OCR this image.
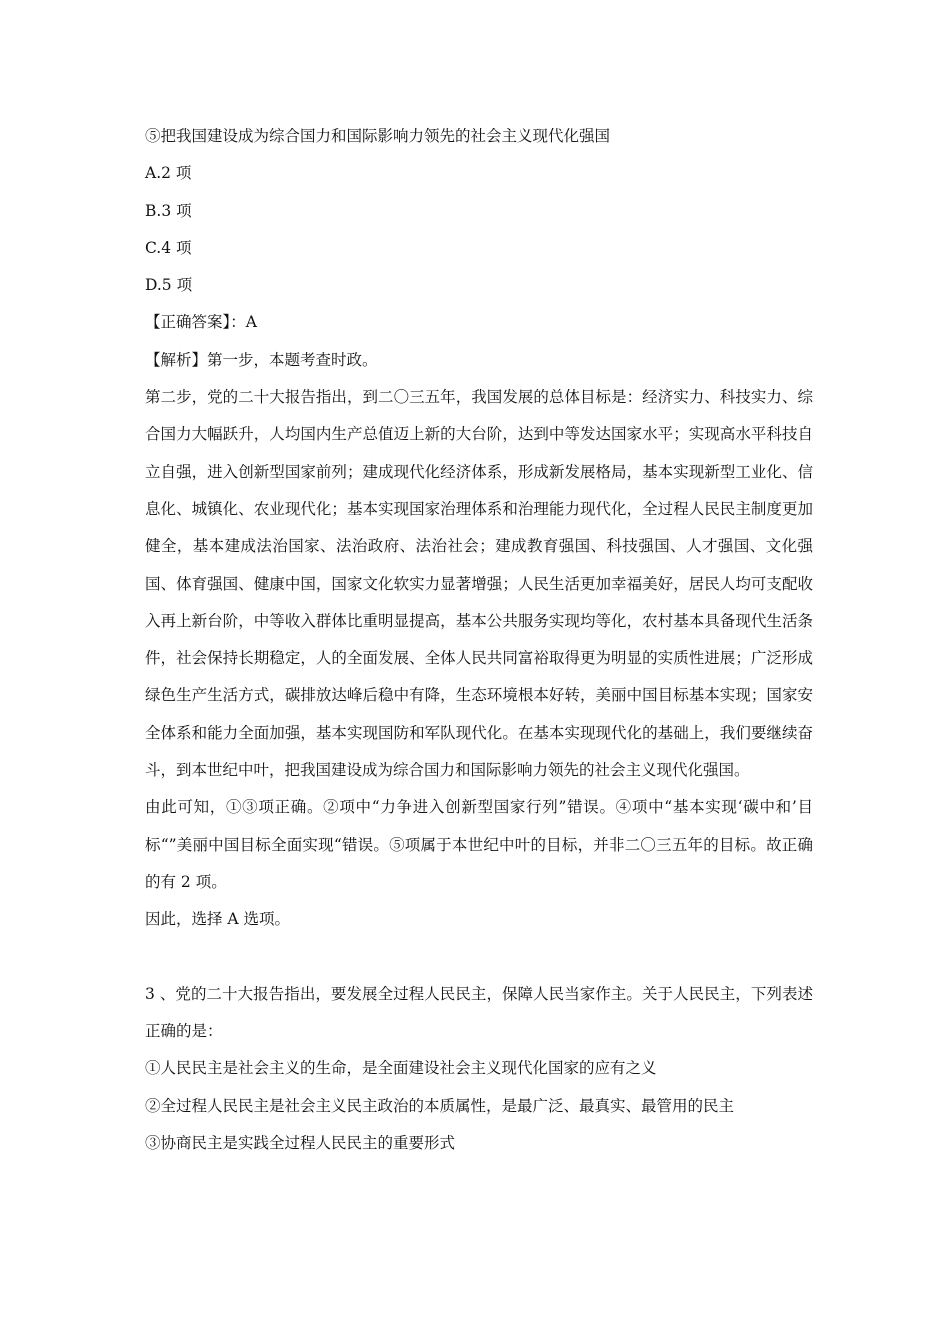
⑤把我国建设成为综合国力和国际影响力领先的社会主义现代化强国

A.2 项

B.3 项

C.4 项

D.5 项

【正确答案】：A

【解析】第一步，本题考查时政。

第二步，党的二十大报告指出，到二〇三五年，我国发展的总体目标是：经济实力、科技实力、综合国力大幅跃升，人均国内生产总值迈上新的大台阶，达到中等发达国家水平；实现高水平科技自立自强，进入创新型国家前列；建成现代化经济体系，形成新发展格局，基本实现新型工业化、信息化、城镇化、农业现代化；基本实现国家治理体系和治理能力现代化，全过程人民民主制度更加健全，基本建成法治国家、法治政府、法治社会；建成教育强国、科技强国、人才强国、文化强国、体育强国、健康中国，国家文化软实力显著增强；人民生活更加幸福美好，居民人均可支配收入再上新台阶，中等收入群体比重明显提高，基本公共服务实现均等化，农村基本具备现代生活条件，社会保持长期稳定，人的全面发展、全体人民共同富裕取得更为明显的实质性进展；广泛形成绿色生产生活方式，碳排放达峰后稳中有降，生态环境根本好转，美丽中国目标基本实现；国家安全体系和能力全面加强，基本实现国防和军队现代化。在基本实现现代化的基础上，我们要继续奋斗，到本世纪中叶，把我国建设成为综合国力和国际影响力领先的社会主义现代化强国。

由此可知，①③项正确。②项中“力争进入创新型国家行列”错误。④项中“基本实现‘碳中和’目标“”美丽中国目标全面实现“错误。⑤项属于本世纪中叶的目标，并非二〇三五年的目标。故正确的有 2 项。

因此，选择 A 选项。

3 、党的二十大报告指出，要发展全过程人民民主，保障人民当家作主。关于人民民主，下列表述正确的是：

①人民民主是社会主义的生命，是全面建设社会主义现代化国家的应有之义

②全过程人民民主是社会主义民主政治的本质属性，是最广泛、最真实、最管用的民主

③协商民主是实践全过程人民民主的重要形式
